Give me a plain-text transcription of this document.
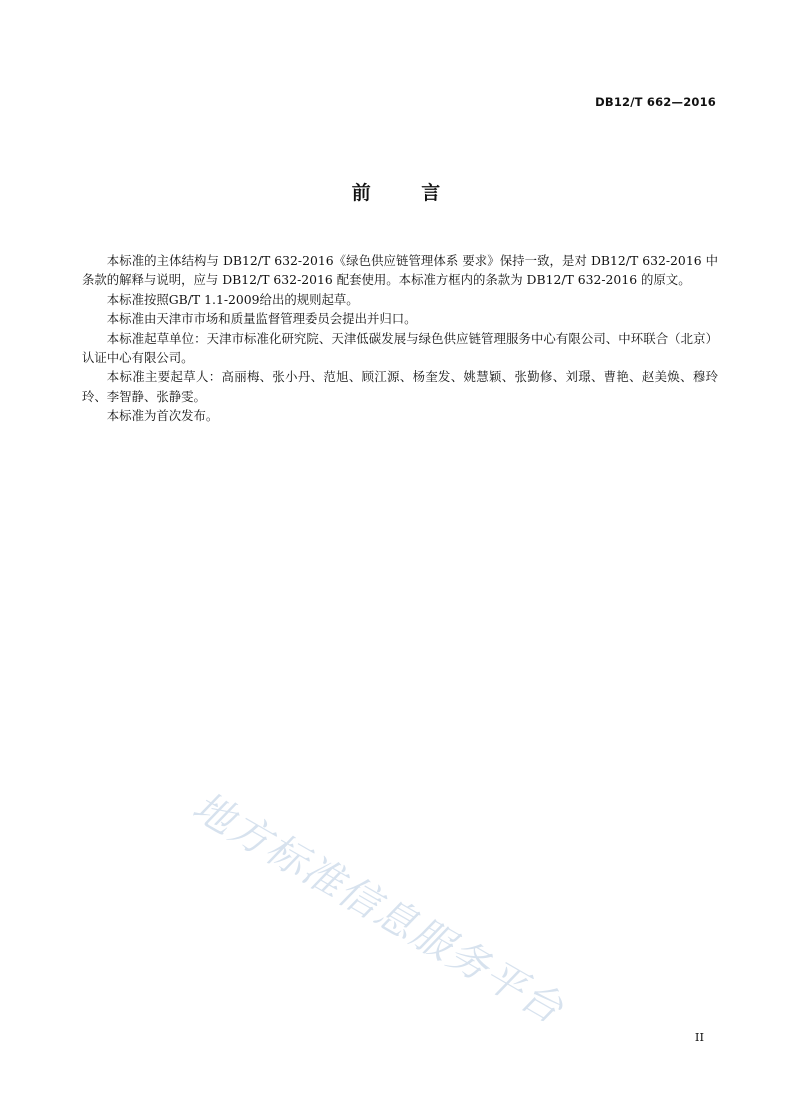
DB12/T 662—2016
前 言

本标准的主体结构与 DB12/T 632-2016《绿色供应链管理体系 要求》保持一致，是对 DB12/T 632-2016 中条款的解释与说明，应与 DB12/T 632-2016 配套使用。本标准方框内的条款为 DB12/T 632-2016 的原文。

本标准按照GB/T 1.1-2009给出的规则起草。

本标准由天津市市场和质量监督管理委员会提出并归口。

本标准起草单位：天津市标准化研究院、天津低碳发展与绿色供应链管理服务中心有限公司、中环联合（北京）认证中心有限公司。

本标准主要起草人：高丽梅、张小丹、范旭、顾江源、杨奎发、姚慧颖、张勤修、刘璟、曹艳、赵美焕、穆玲玲、李智静、张静雯。

本标准为首次发布。

地方标准信息服务平台
II
